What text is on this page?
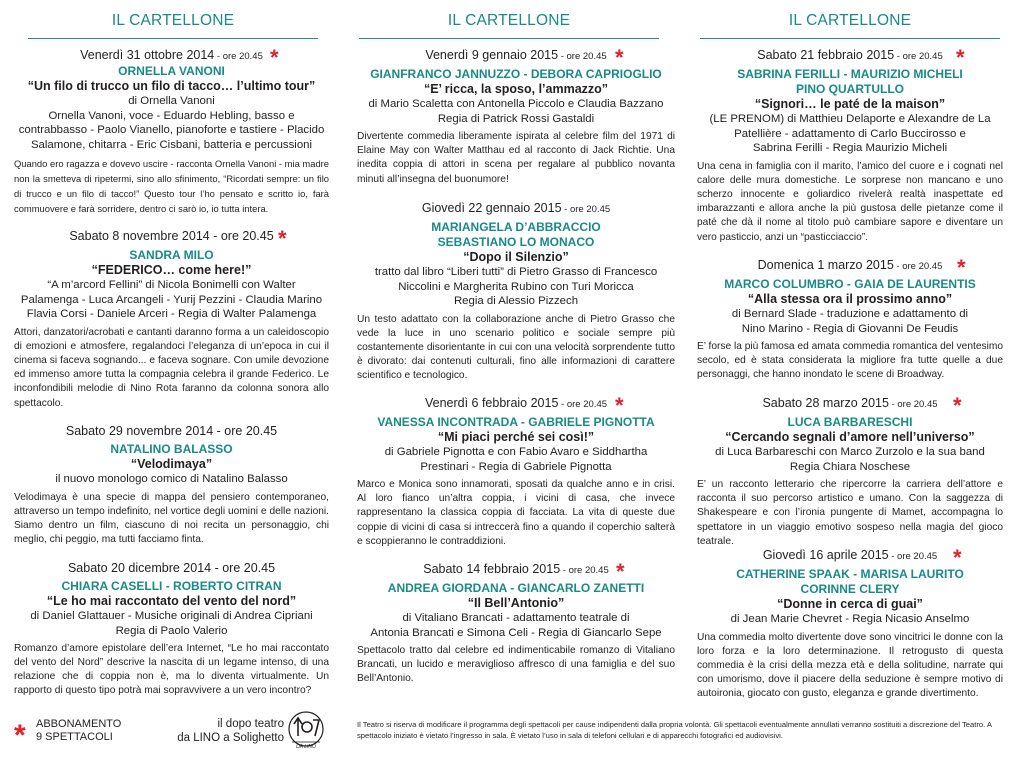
IL CARTELLONE
Venerdì 31 ottobre 2014 - ore 20.45 *
ORNELLA VANONI
“Un filo di trucco un filo di tacco… l’ultimo tour”
di Ornella Vanoni
Ornella Vanoni, voce - Eduardo Hebling, basso e
contrabbasso - Paolo Vianello, pianoforte e tastiere - Placido
Salamone, chitarra - Eric Cisbani, batteria e percussioni
Quando ero ragazza e dovevo uscire - racconta Ornella Vanoni - mia madre non la smetteva di ripetermi, sino allo sfinimento, “Ricordati sempre: un filo di trucco e un filo di tacco!” Questo tour l’ho pensato e scritto io, farà commuovere e farà sorridere, dentro ci sarò io, io tutta intera.
Sabato 8 novembre 2014 - ore 20.45 *
SANDRA MILO
“FEDERICO… come here!”
“A m’arcord Fellini” di Nicola Bonimelli con Walter
Palamenga - Luca Arcangeli - Yurij Pezzini - Claudia Marino
Flavia Corsi - Daniele Arceri - Regia di Walter Palamenga
Attori, danzatori/acrobati e cantanti daranno forma a un caleidoscopio di emozioni e atmosfere, regalandoci l’eleganza di un’epoca in cui il cinema si faceva sognando... e faceva sognare. Con umile devozione ed immenso amore tutta la compagnia celebra il grande Federico. Le inconfondibili melodie di Nino Rota faranno da colonna sonora allo spettacolo.
Sabato 29 novembre 2014 - ore 20.45
NATALINO BALASSO
“Velodimaya”
il nuovo monologo comico di Natalino Balasso
Velodimaya è una specie di mappa del pensiero contemporaneo, attraverso un tempo indefinito, nel vortice degli uomini e delle nazioni. Siamo dentro un film, ciascuno di noi recita un personaggio, chi meglio, chi peggio, ma tutti facciamo finta.
Sabato 20 dicembre 2014 - ore 20.45
CHIARA CASELLI - ROBERTO CITRAN
“Le ho mai raccontato del vento del nord”
di Daniel Glattauer - Musiche originali di Andrea Cipriani
Regia di Paolo Valerio
Romanzo d’amore epistolare dell’era Internet, “Le ho mai raccontato del vento del Nord” descrive la nascita di un legame intenso, di una relazione che di coppia non è, ma lo diventa virtualmente. Un rapporto di questo tipo potrà mai sopravvivere a un vero incontro?
IL CARTELLONE
Venerdì 9 gennaio 2015 - ore 20.45 *
GIANFRANCO JANNUZZO - DEBORA CAPRIOGLIO
“E’ ricca, la sposo, l’ammazzo”
di Mario Scaletta con Antonella Piccolo e Claudia Bazzano
Regia di Patrick Rossi Gastaldi
Divertente commedia liberamente ispirata al celebre film del 1971 di Elaine May con Walter Matthau ed al racconto di Jack Richtie. Una inedita coppia di attori in scena per regalare al pubblico novanta minuti all’insegna del buonumore!
Giovedì 22 gennaio 2015 - ore 20.45
MARIANGELA D’ABBRACCIO
SEBASTIANO LO MONACO
“Dopo il Silenzio”
tratto dal libro “Liberi tutti” di Pietro Grasso di Francesco
Niccolini e Margherita Rubino con Turi Moricca
Regia di Alessio Pizzech
Un testo adattato con la collaborazione anche di Pietro Grasso che vede la luce in uno scenario politico e sociale sempre più costantemente disorientante in cui con una velocità sorprendente tutto è divorato: dai contenuti culturali, fino alle informazioni di carattere scientifico e tecnologico.
Venerdì 6 febbraio 2015 - ore 20.45 *
VANESSA INCONTRADA - GABRIELE PIGNOTTA
“Mi piaci perché sei così!”
di Gabriele Pignotta e con Fabio Avaro e Siddhartha
Prestinari - Regia di Gabriele Pignotta
Marco e Monica sono innamorati, sposati da qualche anno e in crisi. Al loro fianco un’altra coppia, i vicini di casa, che invece rappresentano la classica coppia di facciata. La vita di queste due coppie di vicini di casa si intreccerà fino a quando il coperchio salterà e scoppieranno le contraddizioni.
Sabato 14 febbraio 2015 - ore 20.45 *
ANDREA GIORDANA - GIANCARLO ZANETTI
“Il Bell’Antonio”
di Vitaliano Brancati - adattamento teatrale di
Antonia Brancati e Simona Celi - Regia di Giancarlo Sepe
Spettacolo tratto dal celebre ed indimenticabile romanzo di Vitaliano Brancati, un lucido e meraviglioso affresco di una famiglia e del suo Bell’Antonio.
IL CARTELLONE
Sabato 21 febbraio 2015 - ore 20.45 *
SABRINA FERILLI - MAURIZIO MICHELI
PINO QUARTULLO
“Signori… le paté de la maison”
(LE PRENOM) di Matthieu Delaporte e Alexandre de La
Patellière - adattamento di Carlo Buccirosso e
Sabrina Ferilli - Regia Maurizio Micheli
Una cena in famiglia con il marito, l’amico del cuore e i cognati nel calore delle mura domestiche. Le sorprese non mancano e uno scherzo innocente e goliardico rivelerà realtà inaspettate ed imbarazzanti e allora anche la più gustosa delle pietanze come il paté che dà il nome al titolo può cambiare sapore e diventare un vero pasticcio, anzi un “pasticciaccio”.
Domenica 1 marzo 2015 - ore 20.45 *
MARCO COLUMBRO - GAIA DE LAURENTIS
“Alla stessa ora il prossimo anno”
di Bernard Slade - traduzione e adattamento di
Nino Marino - Regia di Giovanni De Feudis
E’ forse la più famosa ed amata commedia romantica del ventesimo secolo, ed è stata considerata la migliore fra tutte quelle a due personaggi, che hanno inondato le scene di Broadway.
Sabato 28 marzo 2015 - ore 20.45 *
LUCA BARBARESCHI
“Cercando segnali d’amore nell’universo”
di Luca Barbareschi con Marco Zurzolo e la sua band
Regia Chiara Noschese
E’ un racconto letterario che ripercorre la carriera dell’attore e racconta il suo percorso artistico e umano. Con la saggezza di Shakespeare e con l’ironia pungente di Mamet, accompagna lo spettatore in un viaggio emotivo sospeso nella magia del gioco teatrale.
Giovedì 16 aprile 2015 - ore 20.45 *
CATHERINE SPAAK - MARISA LAURITO
CORINNE CLERY
“Donne in cerca di guai”
di Jean Marie Chevret - Regia Nicasio Anselmo
Una commedia molto divertente dove sono vincitrici le donne con la loro forza e la loro determinazione. Il retrogusto di questa commedia è la crisi della mezza età e della solitudine, narrate qui con umorismo, dove il piacere della seduzione è sempre motivo di autoironia, giocato con gusto, eleganza e grande divertimento.
* ABBONAMENTO
9 SPETTACOLI
il dopo teatro
da LINO a Solighetto
DA LINO
Il Teatro si riserva di modificare il programma degli spettacoli per cause indipendenti dalla propria volontà. Gli spettacoli eventualmente annullati verranno sostituiti a discrezione del Teatro. A spettacolo iniziato è vietato l’ingresso in sala. È vietato l’uso in sala di telefoni cellulari e di apparecchi fotografici ed audiovisivi.
